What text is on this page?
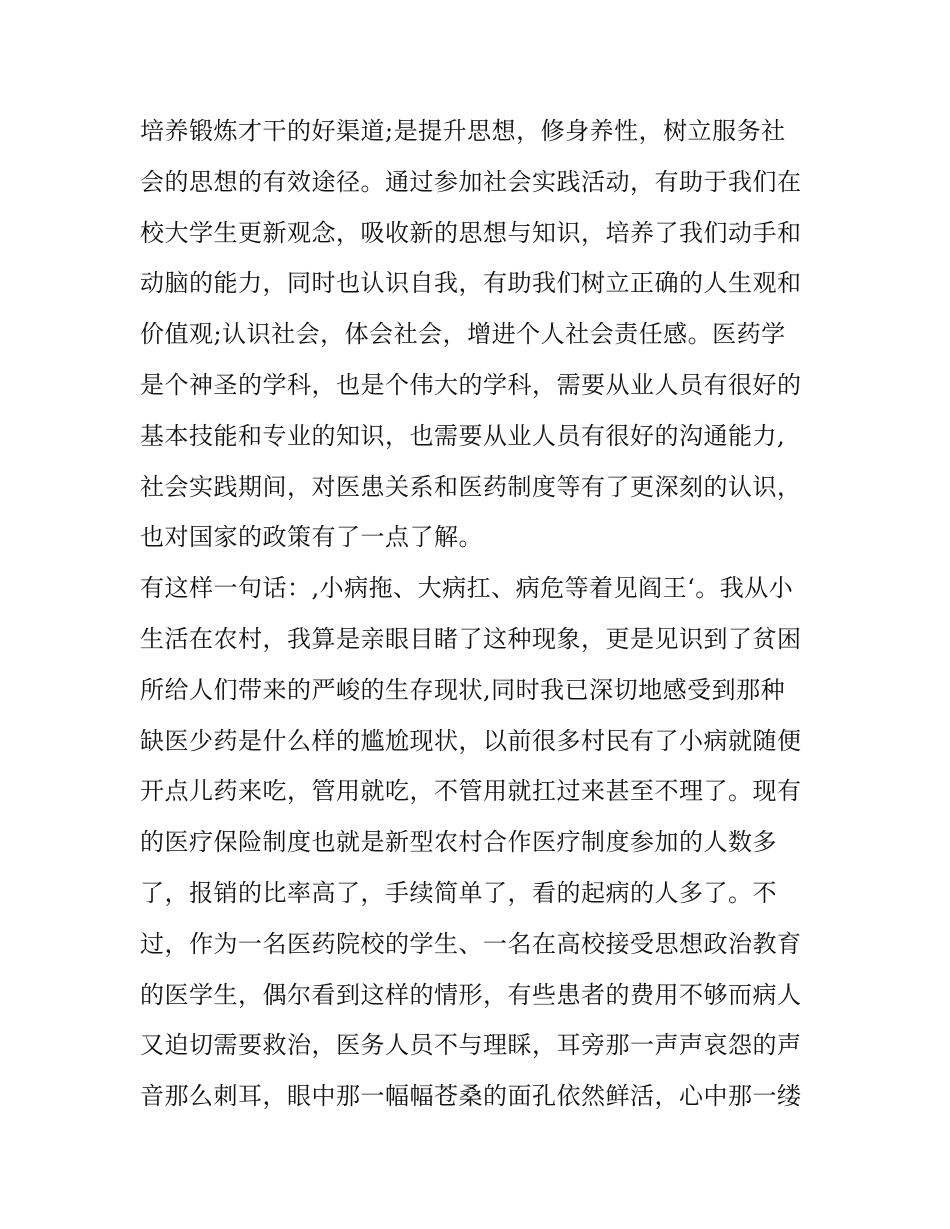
培养锻炼才干的好渠道;是提升思想，修身养性，树立服务社
会的思想的有效途径。通过参加社会实践活动，有助于我们在
校大学生更新观念，吸收新的思想与知识，培养了我们动手和
动脑的能力，同时也认识自我，有助我们树立正确的人生观和
价值观;认识社会，体会社会，增进个人社会责任感。医药学
是个神圣的学科，也是个伟大的学科，需要从业人员有很好的
基本技能和专业的知识，也需要从业人员有很好的沟通能力,
社会实践期间，对医患关系和医药制度等有了更深刻的认识，
也对国家的政策有了一点了解。
有这样一句话：,小病拖、大病扛、病危等着见阎王‘。我从小
生活在农村，我算是亲眼目睹了这种现象，更是见识到了贫困
所给人们带来的严峻的生存现状,同时我已深切地感受到那种
缺医少药是什么样的尴尬现状，以前很多村民有了小病就随便
开点儿药来吃，管用就吃，不管用就扛过来甚至不理了。现有
的医疗保险制度也就是新型农村合作医疗制度参加的人数多
了，报销的比率高了，手续简单了，看的起病的人多了。不
过，作为一名医药院校的学生、一名在高校接受思想政治教育
的医学生，偶尔看到这样的情形，有些患者的费用不够而病人
又迫切需要救治，医务人员不与理睬，耳旁那一声声哀怨的声
音那么刺耳，眼中那一幅幅苍桑的面孔依然鲜活，心中那一缕
